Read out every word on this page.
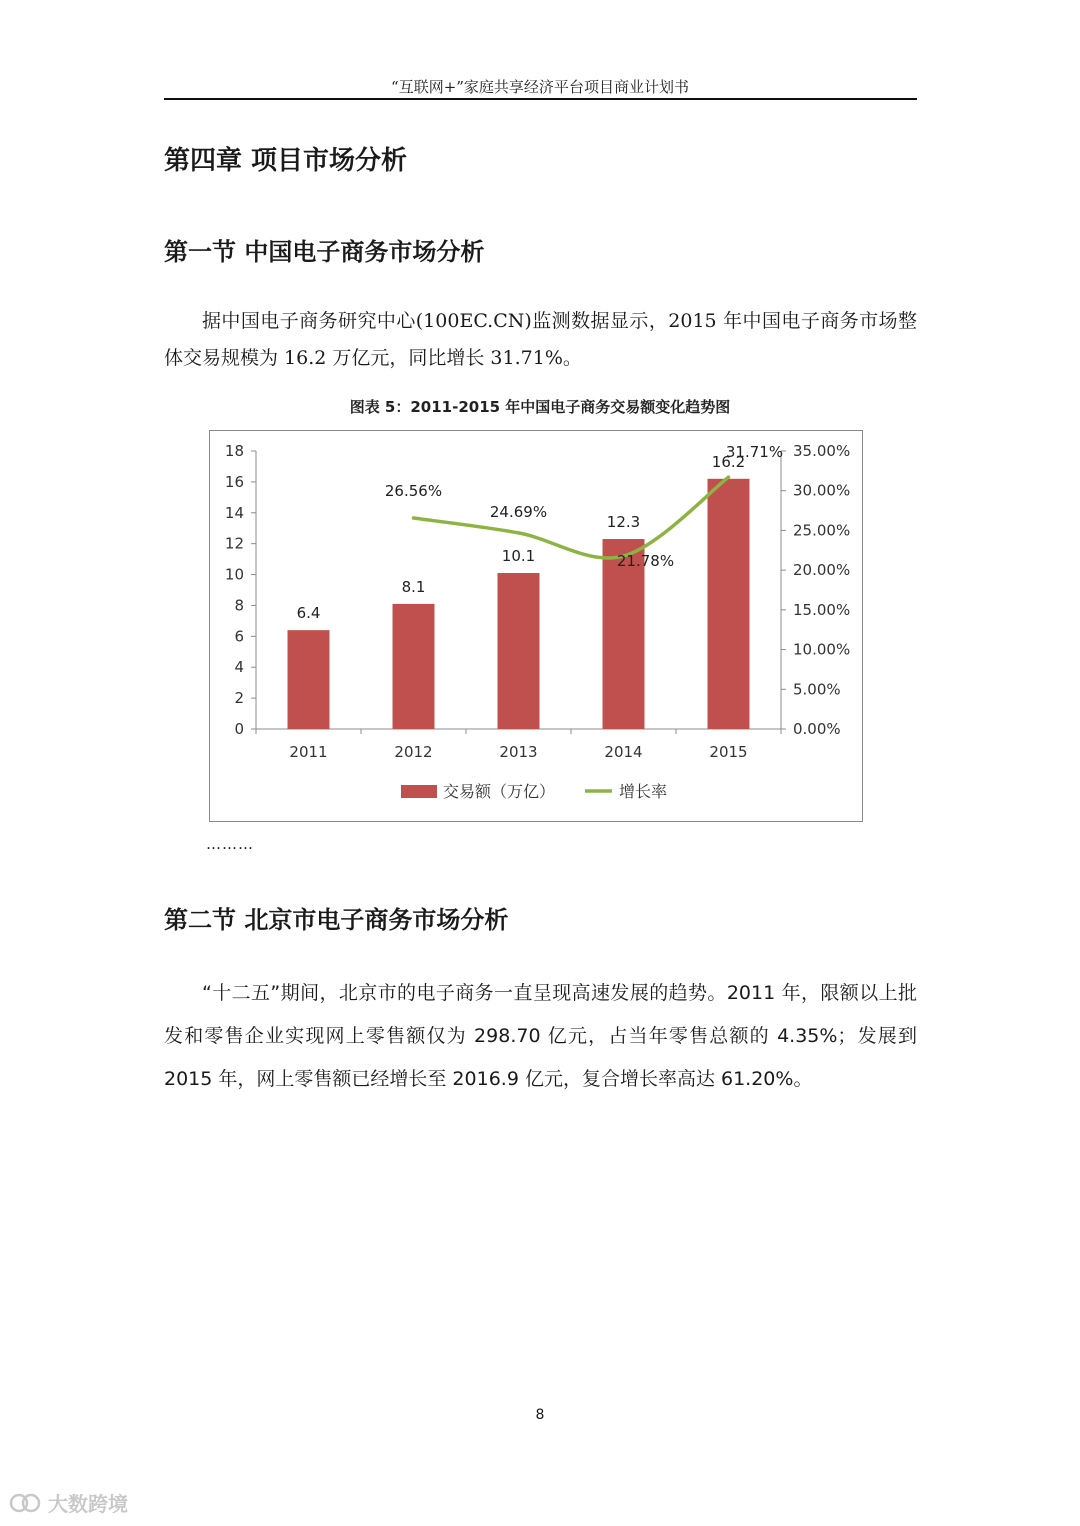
“互联网+”家庭共享经济平台项目商业计划书
第四章 项目市场分析
第一节 中国电子商务市场分析

据中国电子商务研究中心(100EC.CN)监测数据显示，2015 年中国电子商务市场整体交易规模为 16.2 万亿元，同比增长 31.71%。

图表 5：2011-2015 年中国电子商务交易额变化趋势图
0
2
4
6
8
10
12
14
16
18
0.00%
5.00%
10.00%
15.00%
20.00%
25.00%
30.00%
35.00%
2011	2012	2013	2014	2015
6.4
8.1
10.1
12.3
16.2
26.56%
24.69%
21.78%
31.71%
交易额（万亿）	增长率
………
第二节 北京市电子商务市场分析

“十二五”期间，北京市的电子商务一直呈现高速发展的趋势。2011 年，限额以上批发和零售企业实现网上零售额仅为 298.70 亿元，占当年零售总额的 4.35%；发展到 2015 年，网上零售额已经增长至 2016.9 亿元，复合增长率高达 61.20%。

8
大数跨境
